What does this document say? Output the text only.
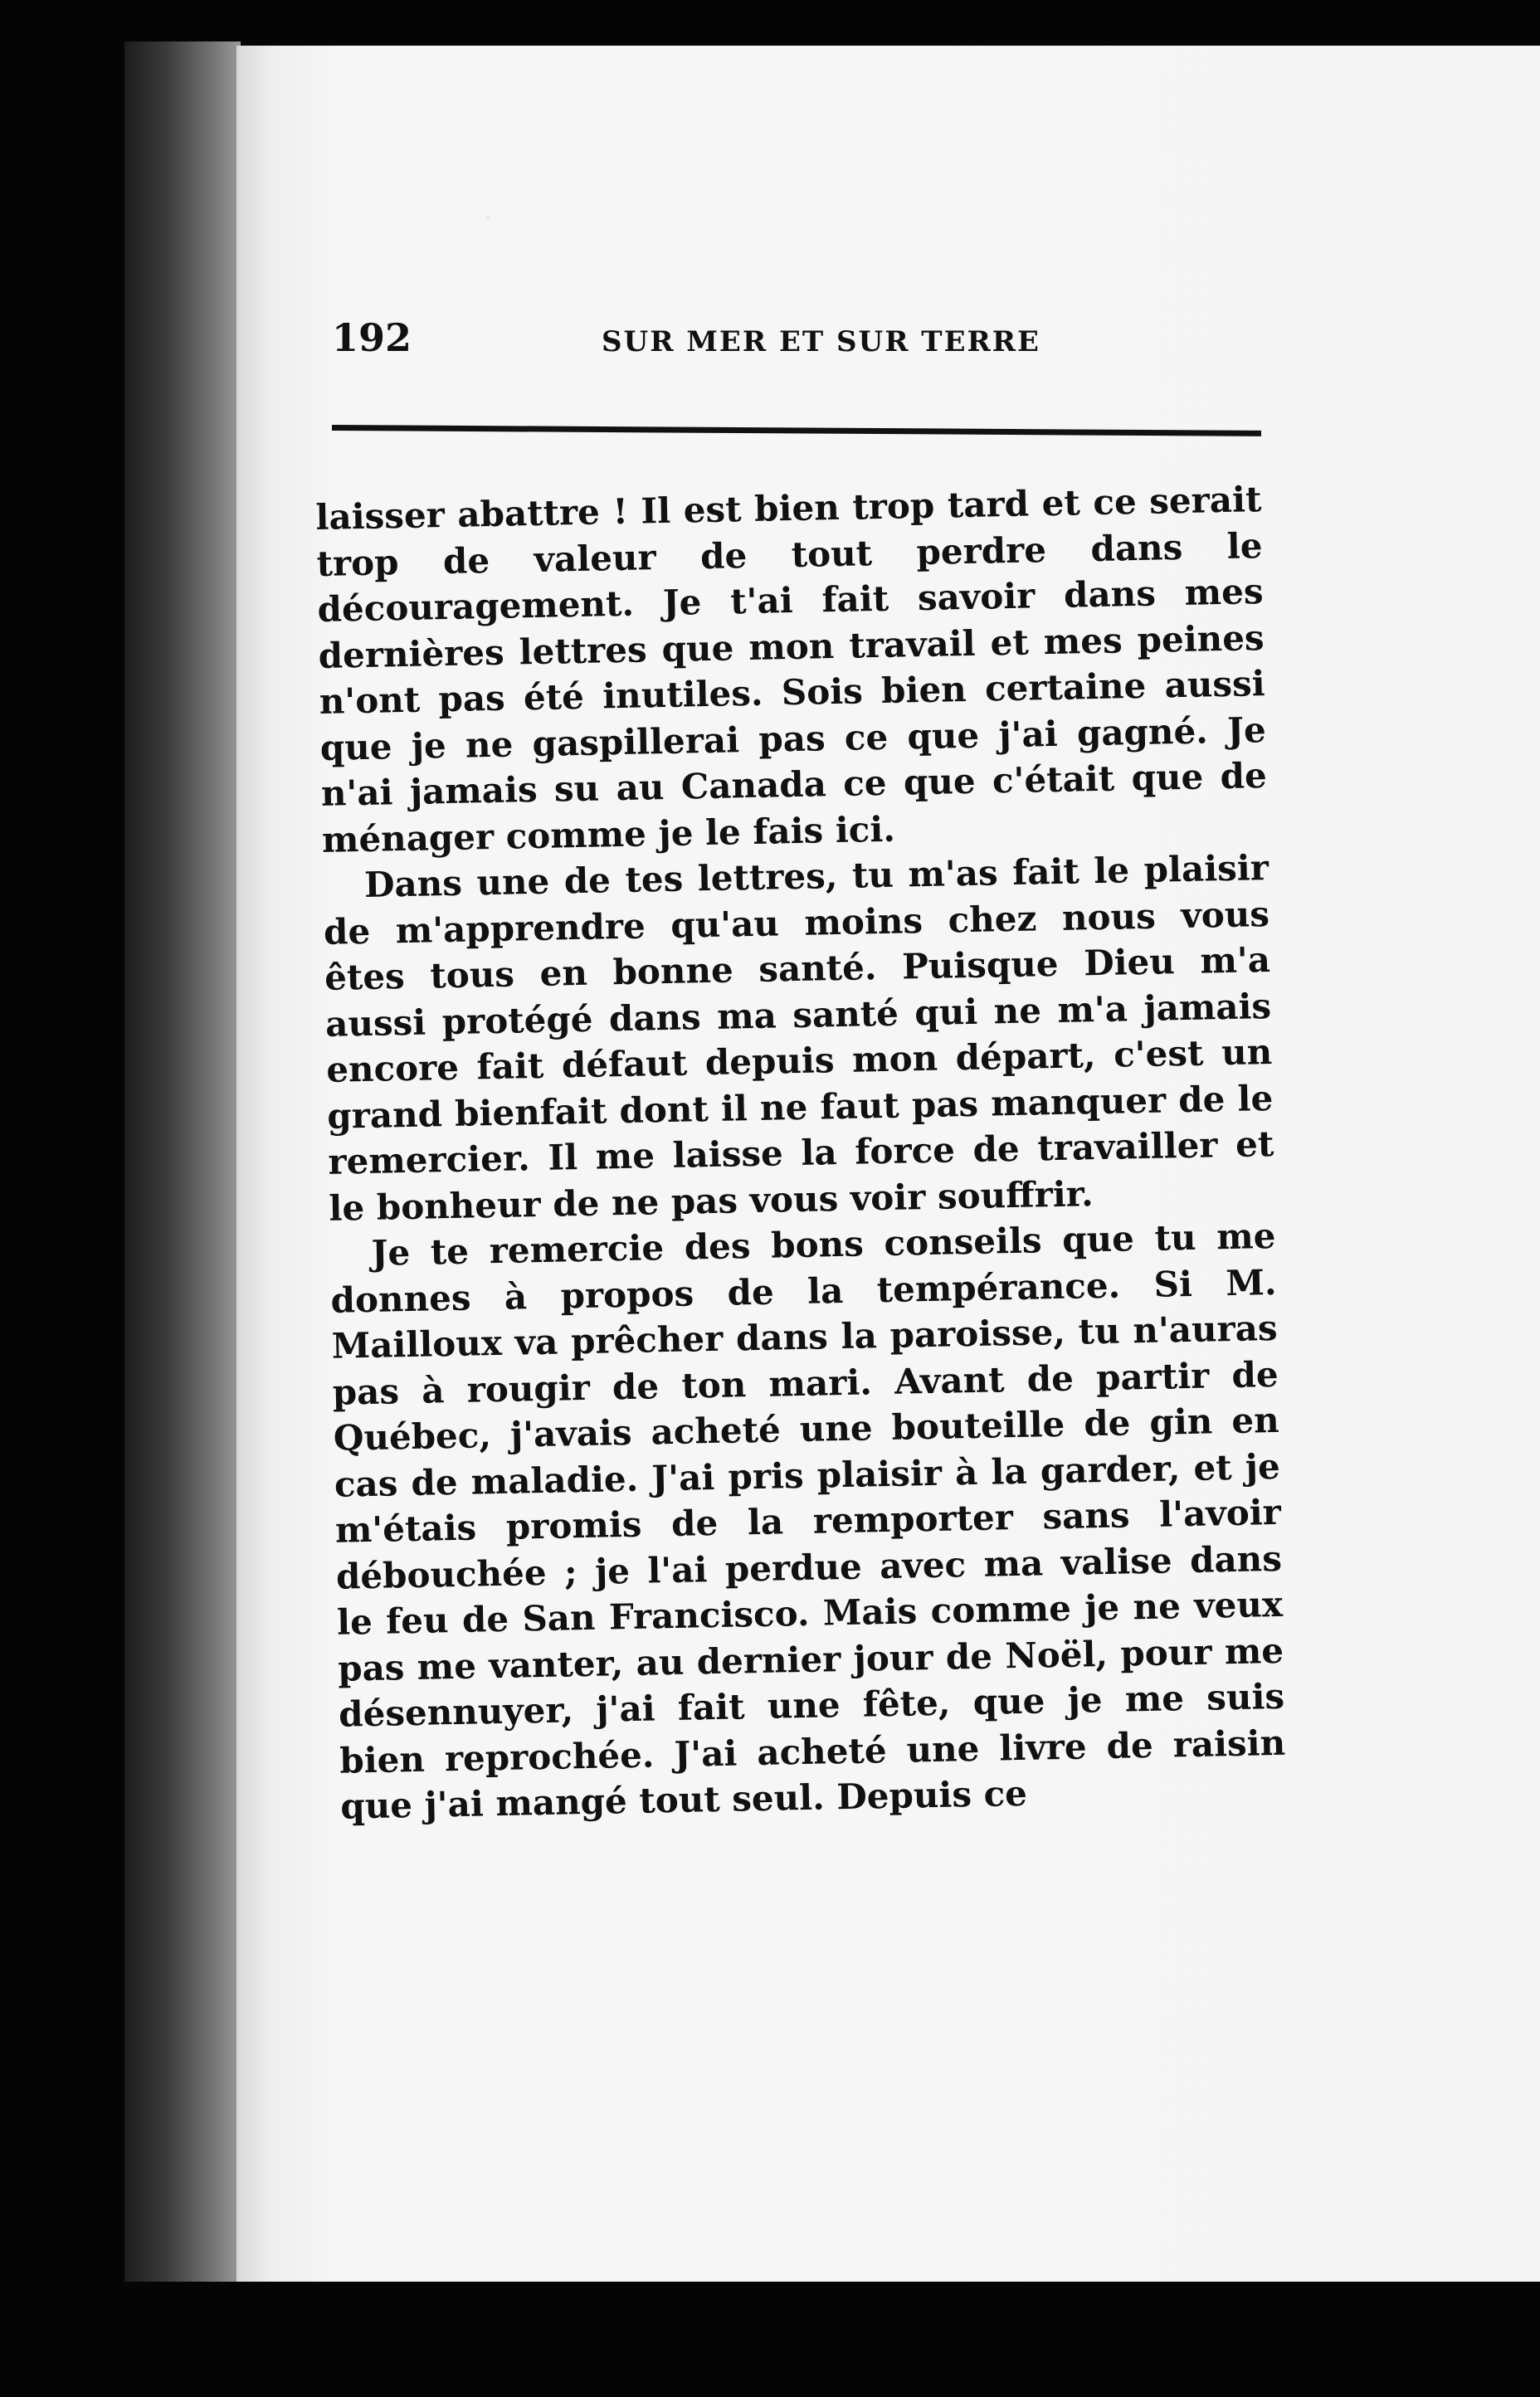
192	SUR MER ET SUR TERRE

laisser abattre ! Il est bien trop tard et ce serait trop de valeur de tout perdre dans le découragement. Je t'ai fait savoir dans mes dernières lettres que mon travail et mes peines n'ont pas été inutiles. Sois bien certaine aussi que je ne gaspillerai pas ce que j'ai gagné. Je n'ai jamais su au Canada ce que c'était que de ménager comme je le fais ici.

Dans une de tes lettres, tu m'as fait le plaisir de m'apprendre qu'au moins chez nous vous êtes tous en bonne santé. Puisque Dieu m'a aussi protégé dans ma santé qui ne m'a jamais encore fait défaut depuis mon départ, c'est un grand bienfait dont il ne faut pas manquer de le remercier. Il me laisse la force de travailler et le bonheur de ne pas vous voir souffrir.

Je te remercie des bons conseils que tu me donnes à propos de la tempérance. Si M. Mailloux va prêcher dans la paroisse, tu n'auras pas à rougir de ton mari. Avant de partir de Québec, j'avais acheté une bouteille de gin en cas de maladie. J'ai pris plaisir à la garder, et je m'étais promis de la remporter sans l'avoir débouchée ; je l'ai perdue avec ma valise dans le feu de San Francisco. Mais comme je ne veux pas me vanter, au dernier jour de Noël, pour me désennuyer, j'ai fait une fête, que je me suis bien reprochée. J'ai acheté une livre de raisin que j'ai mangé tout seul. Depuis ce
